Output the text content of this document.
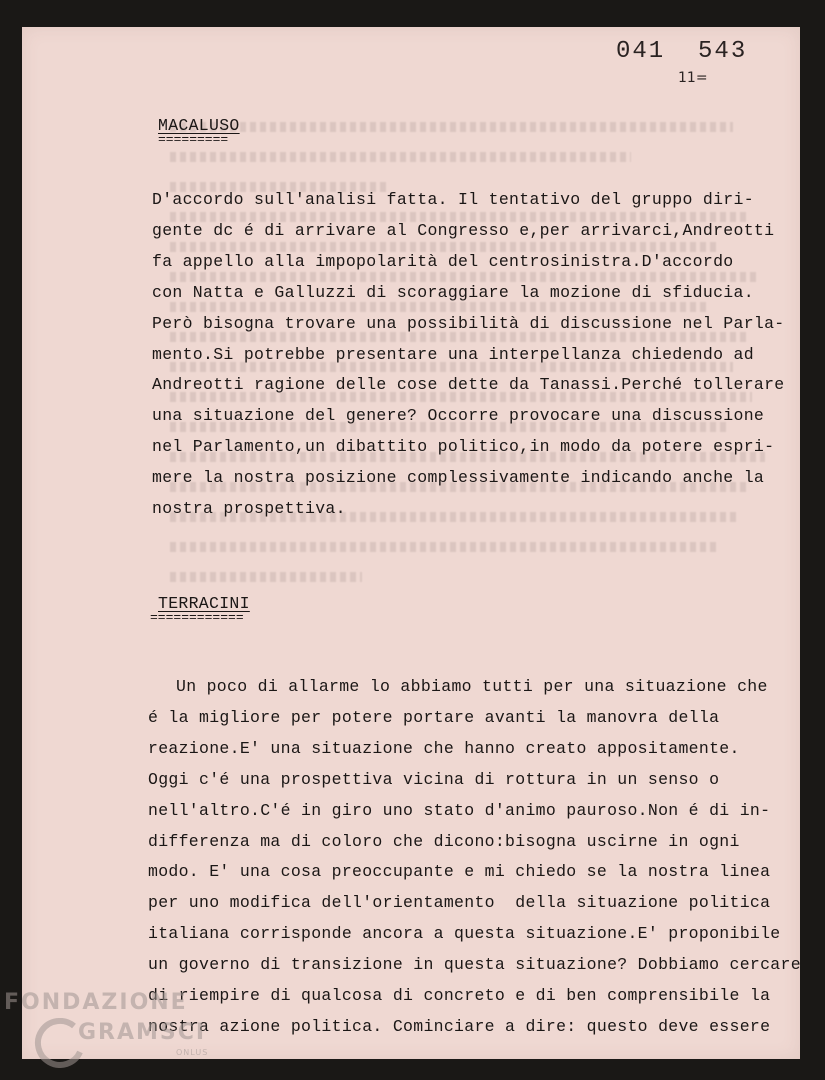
041  543
11=
MACALUSO
=========
D'accordo sull'analisi fatta. Il tentativo del gruppo diri-
gente dc é di arrivare al Congresso e,per arrivarci,Andreotti
fa appello alla impopolarità del centrosinistra.D'accordo
con Natta e Galluzzi di scoraggiare la mozione di sfiducia.
Però bisogna trovare una possibilità di discussione nel Parla-
mento.Si potrebbe presentare una interpellanza chiedendo ad
Andreotti ragione delle cose dette da Tanassi.Perché tollerare
una situazione del genere? Occorre provocare una discussione
nel Parlamento,un dibattito politico,in modo da potere espri-
mere la nostra posizione complessivamente indicando anche la
nostra prospettiva.
TERRACINI
============
Un poco di allarme lo abbiamo tutti per una situazione che
é la migliore per potere portare avanti la manovra della
reazione.E' una situazione che hanno creato appositamente.
Oggi c'é una prospettiva vicina di rottura in un senso o
nell'altro.C'é in giro uno stato d'animo pauroso.Non é di in-
differenza ma di coloro che dicono:bisogna uscirne in ogni
modo. E' una cosa preoccupante e mi chiedo se la nostra linea
per uno modifica dell'orientamento  della situazione politica
italiana corrisponde ancora a questa situazione.E' proponibile
un governo di transizione in questa situazione? Dobbiamo cercare
di riempire di qualcosa di concreto e di ben comprensibile la
nostra azione politica. Cominciare a dire: questo deve essere
FONDAZIONE
GRAMSCI
ONLUS
